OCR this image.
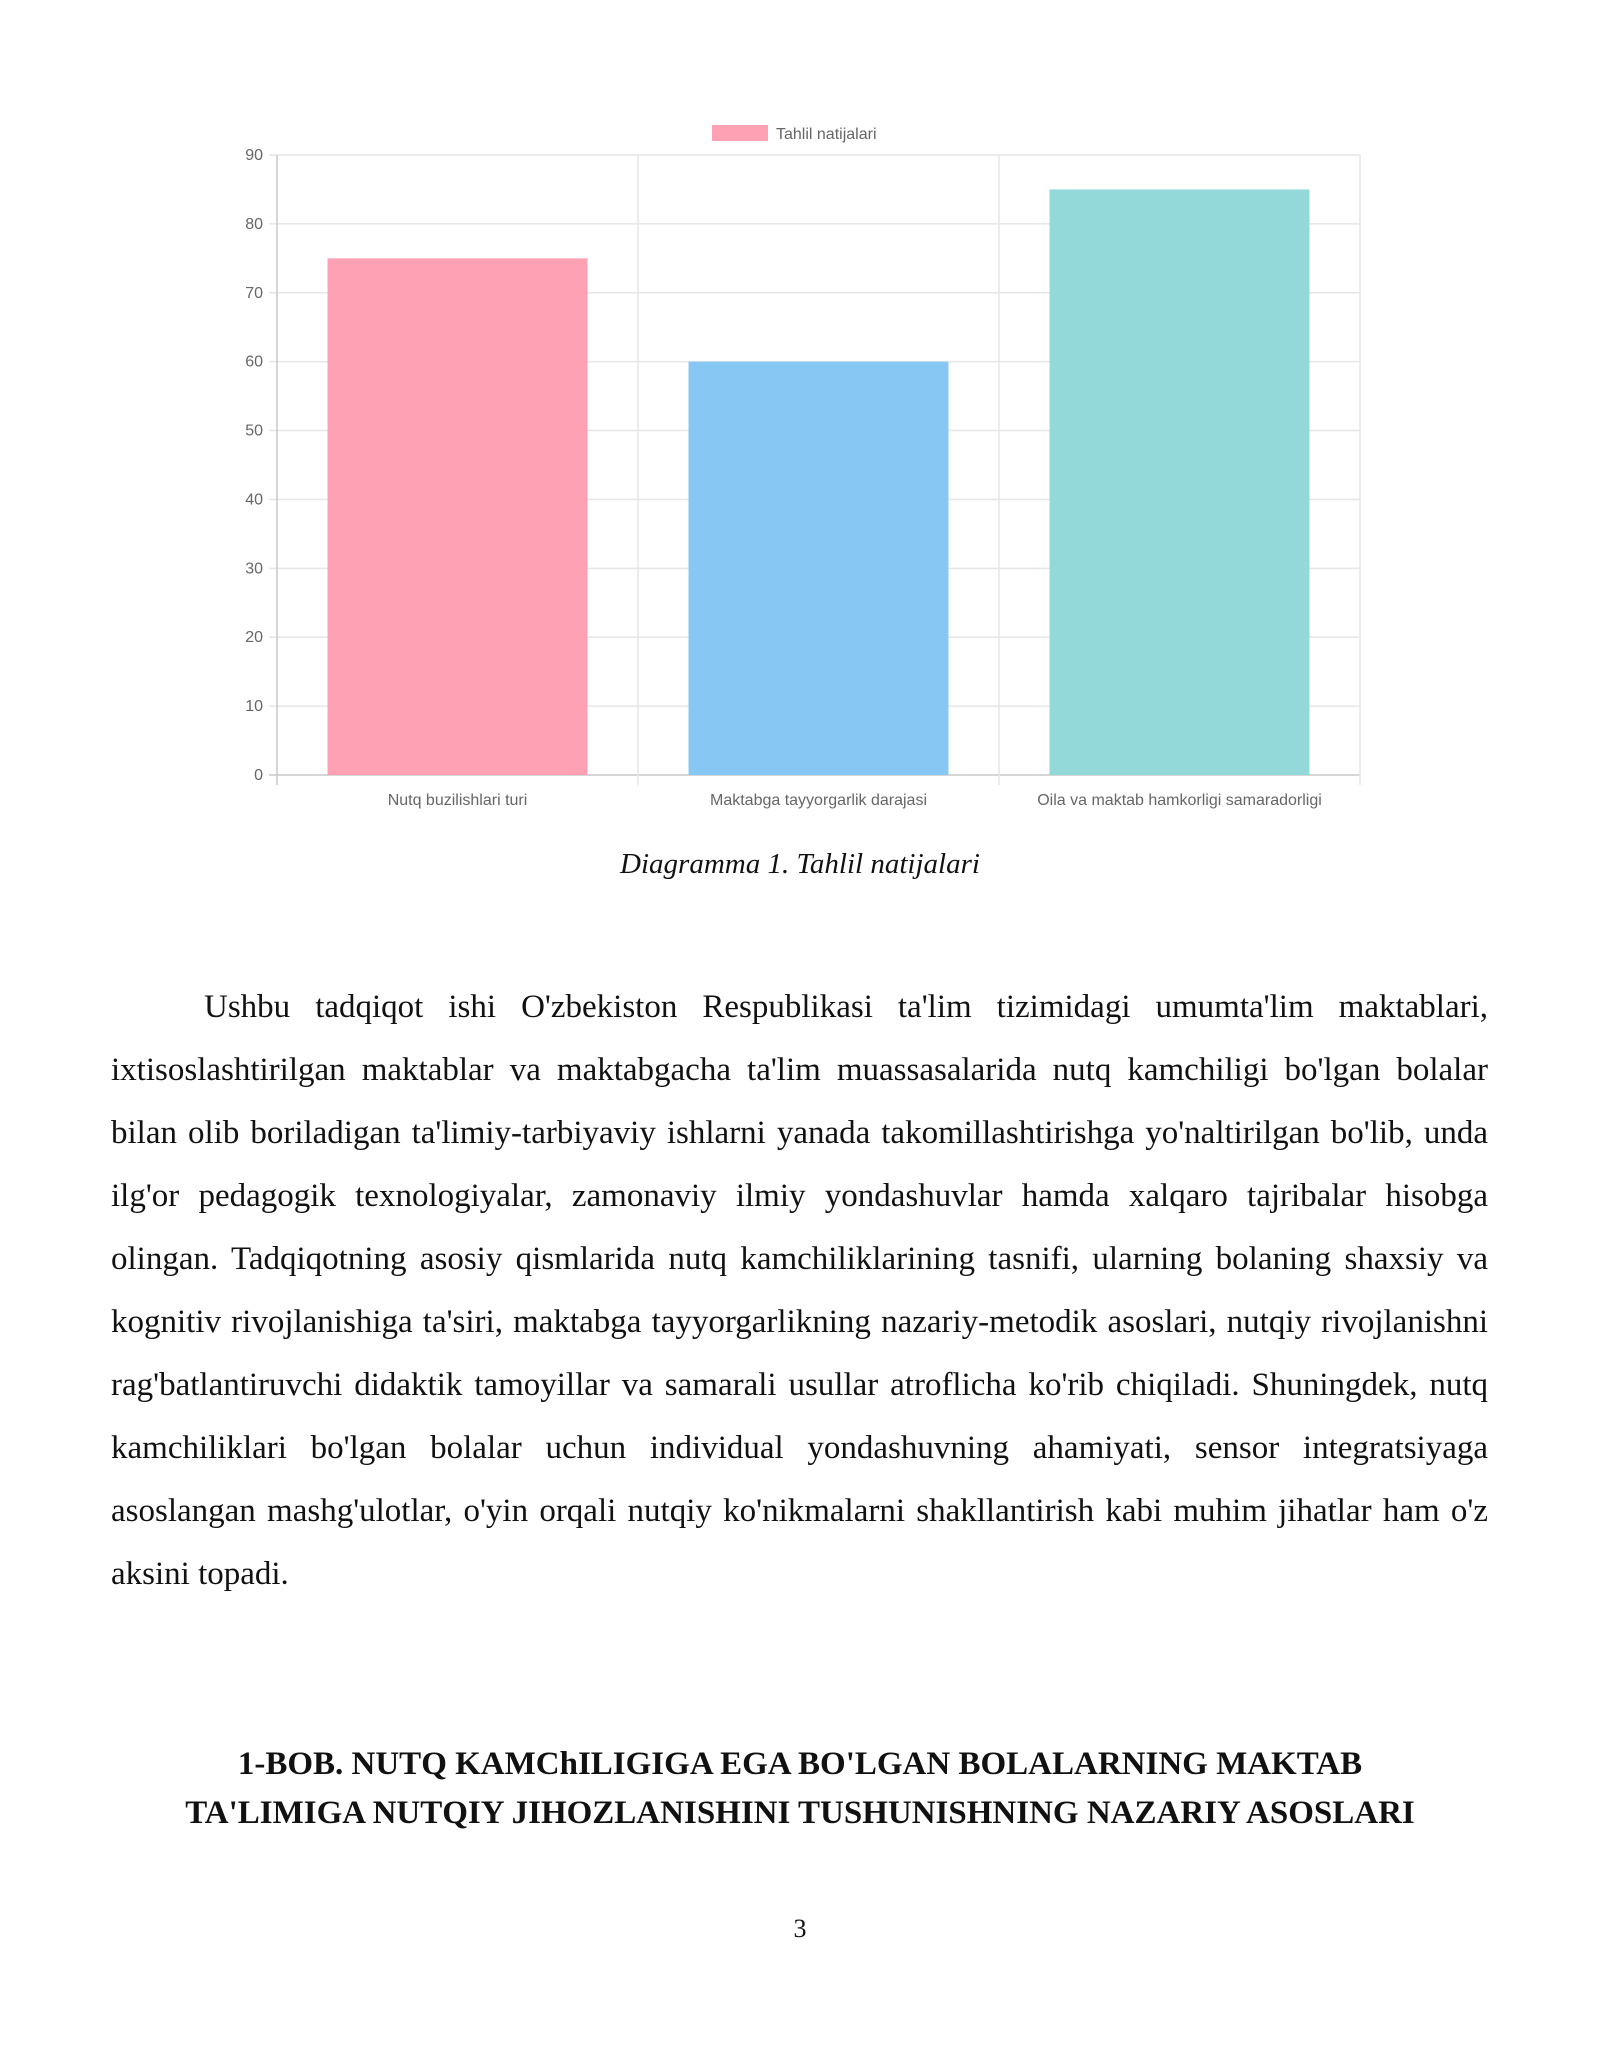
0
10
20
30
40
50
60
70
80
90
Nutq buzilishlari turi	Maktabga tayyorgarlik darajasi	Oila va maktab hamkorligi samaradorligi
Tahlil natijalari
Diagramma 1. Tahlil natijalari

Ushbu tadqiqot ishi O'zbekiston Respublikasi ta'lim tizimidagi umumta'lim maktablari, ixtisoslashtirilgan maktablar va maktabgacha ta'lim muassasalarida nutq kamchiligi bo'lgan bolalar bilan olib boriladigan ta'limiy-tarbiyaviy ishlarni yanada takomillashtirishga yo'naltirilgan bo'lib, unda ilg'or pedagogik texnologiyalar, zamonaviy ilmiy yondashuvlar hamda xalqaro tajribalar hisobga olingan. Tadqiqotning asosiy qismlarida nutq kamchiliklarining tasnifi, ularning bolaning shaxsiy va kognitiv rivojlanishiga ta'siri, maktabga tayyorgarlikning nazariy-metodik asoslari, nutqiy rivojlanishni rag'batlantiruvchi didaktik tamoyillar va samarali usullar atroflicha ko'rib chiqiladi. Shuningdek, nutq kamchiliklari bo'lgan bolalar uchun individual yondashuvning ahamiyati, sensor integratsiyaga asoslangan mashg'ulotlar, o'yin orqali nutqiy ko'nikmalarni shakllantirish kabi muhim jihatlar ham o'z aksini topadi.

1-BOB. NUTQ KAMChILIGIGA EGA BO'LGAN BOLALARNING MAKTAB
TA'LIMIGA NUTQIY JIHOZLANISHINI TUSHUNISHNING NAZARIY ASOSLARI
3
